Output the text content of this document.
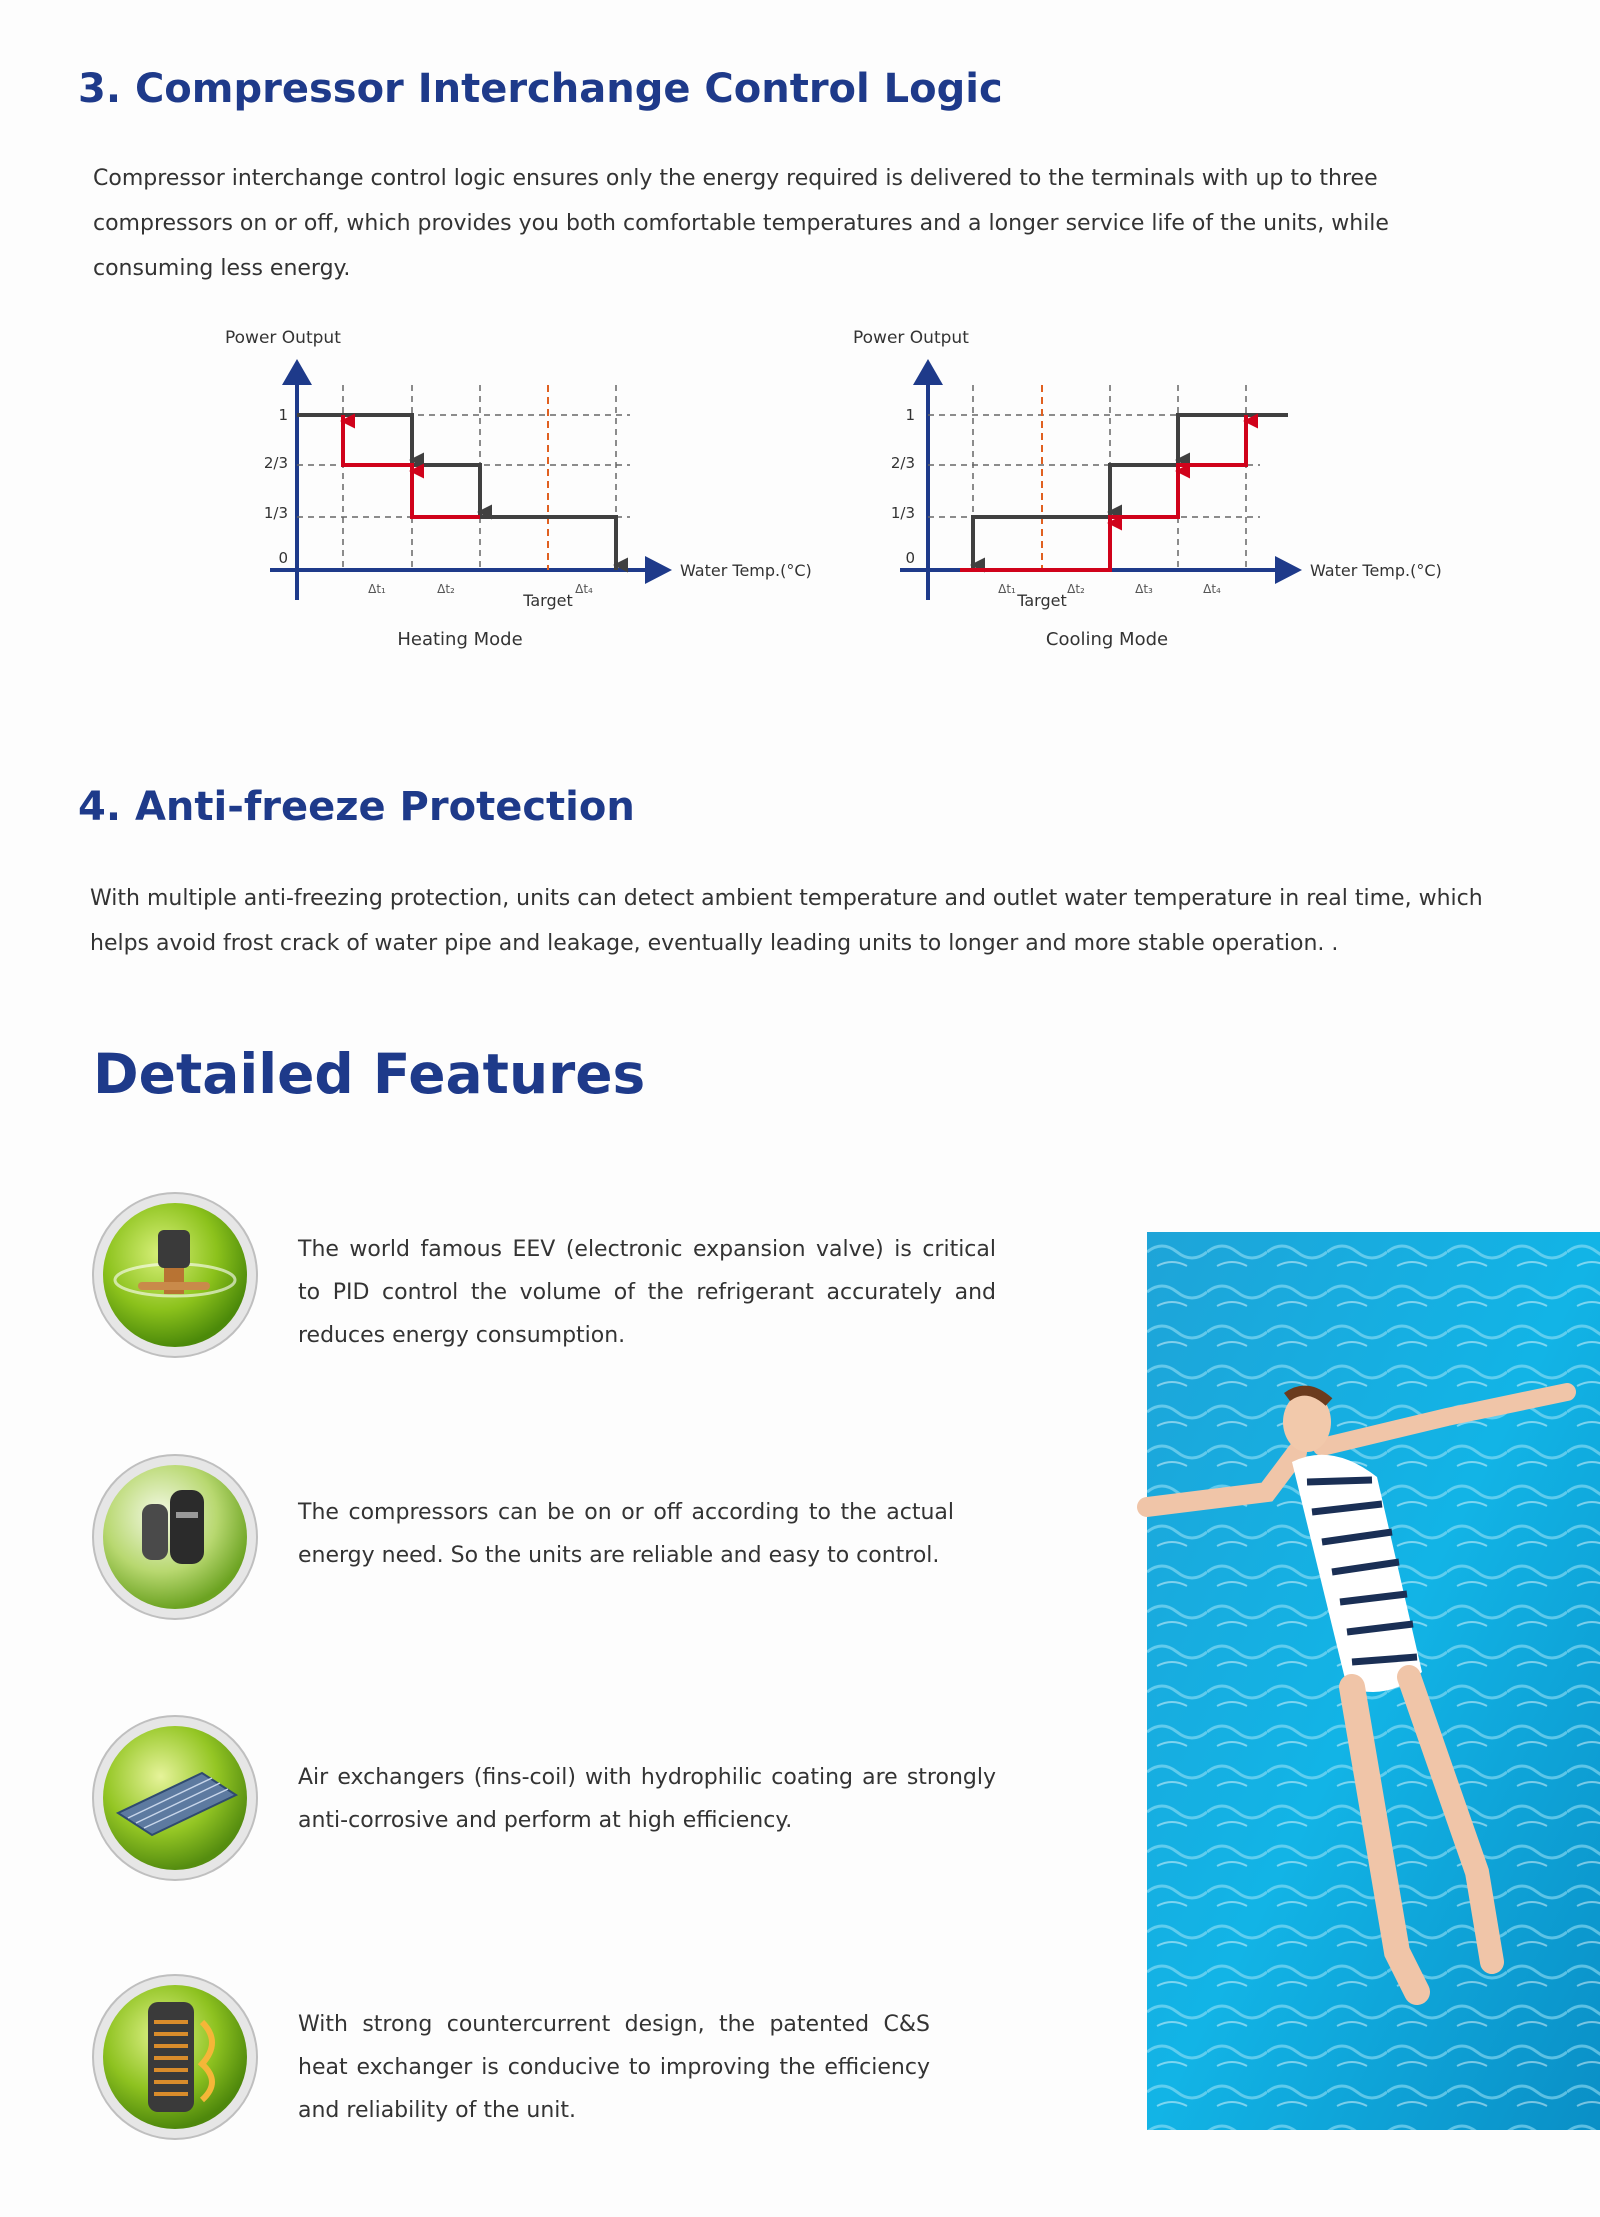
3. Compressor Interchange Control Logic

Compressor interchange control logic ensures only the energy required is delivered to the terminals with up to three compressors on or off, which provides you both comfortable temperatures and a longer service life of the units, while consuming less energy.

Power Output
Water Temp.(°C)
1
2/3
1/3
0
Δt₁	Δt₂	Δt₄
Target
Heating Mode
Power Output
Water Temp.(°C)
1
2/3
1/3
0
Δt₁	Δt₂	Δt₃	Δt₄
Target
Cooling Mode
4. Anti-freeze Protection

With multiple anti-freezing protection, units can detect ambient temperature and outlet water temperature in real time, which helps avoid frost crack of water pipe and leakage, eventually leading units to longer and more stable operation. .

Detailed Features

The world famous EEV (electronic expansion valve) is critical to PID control the volume of the refrigerant accurately and reduces energy consumption.

The compressors can be on or off according to the actual energy need. So the units are reliable and easy to control.

Air exchangers (fins-coil) with hydrophilic coating are strongly anti-corrosive and perform at high efficiency.

With strong countercurrent design, the patented C&S heat exchanger is conducive to improving the efficiency and reliability of the unit.
